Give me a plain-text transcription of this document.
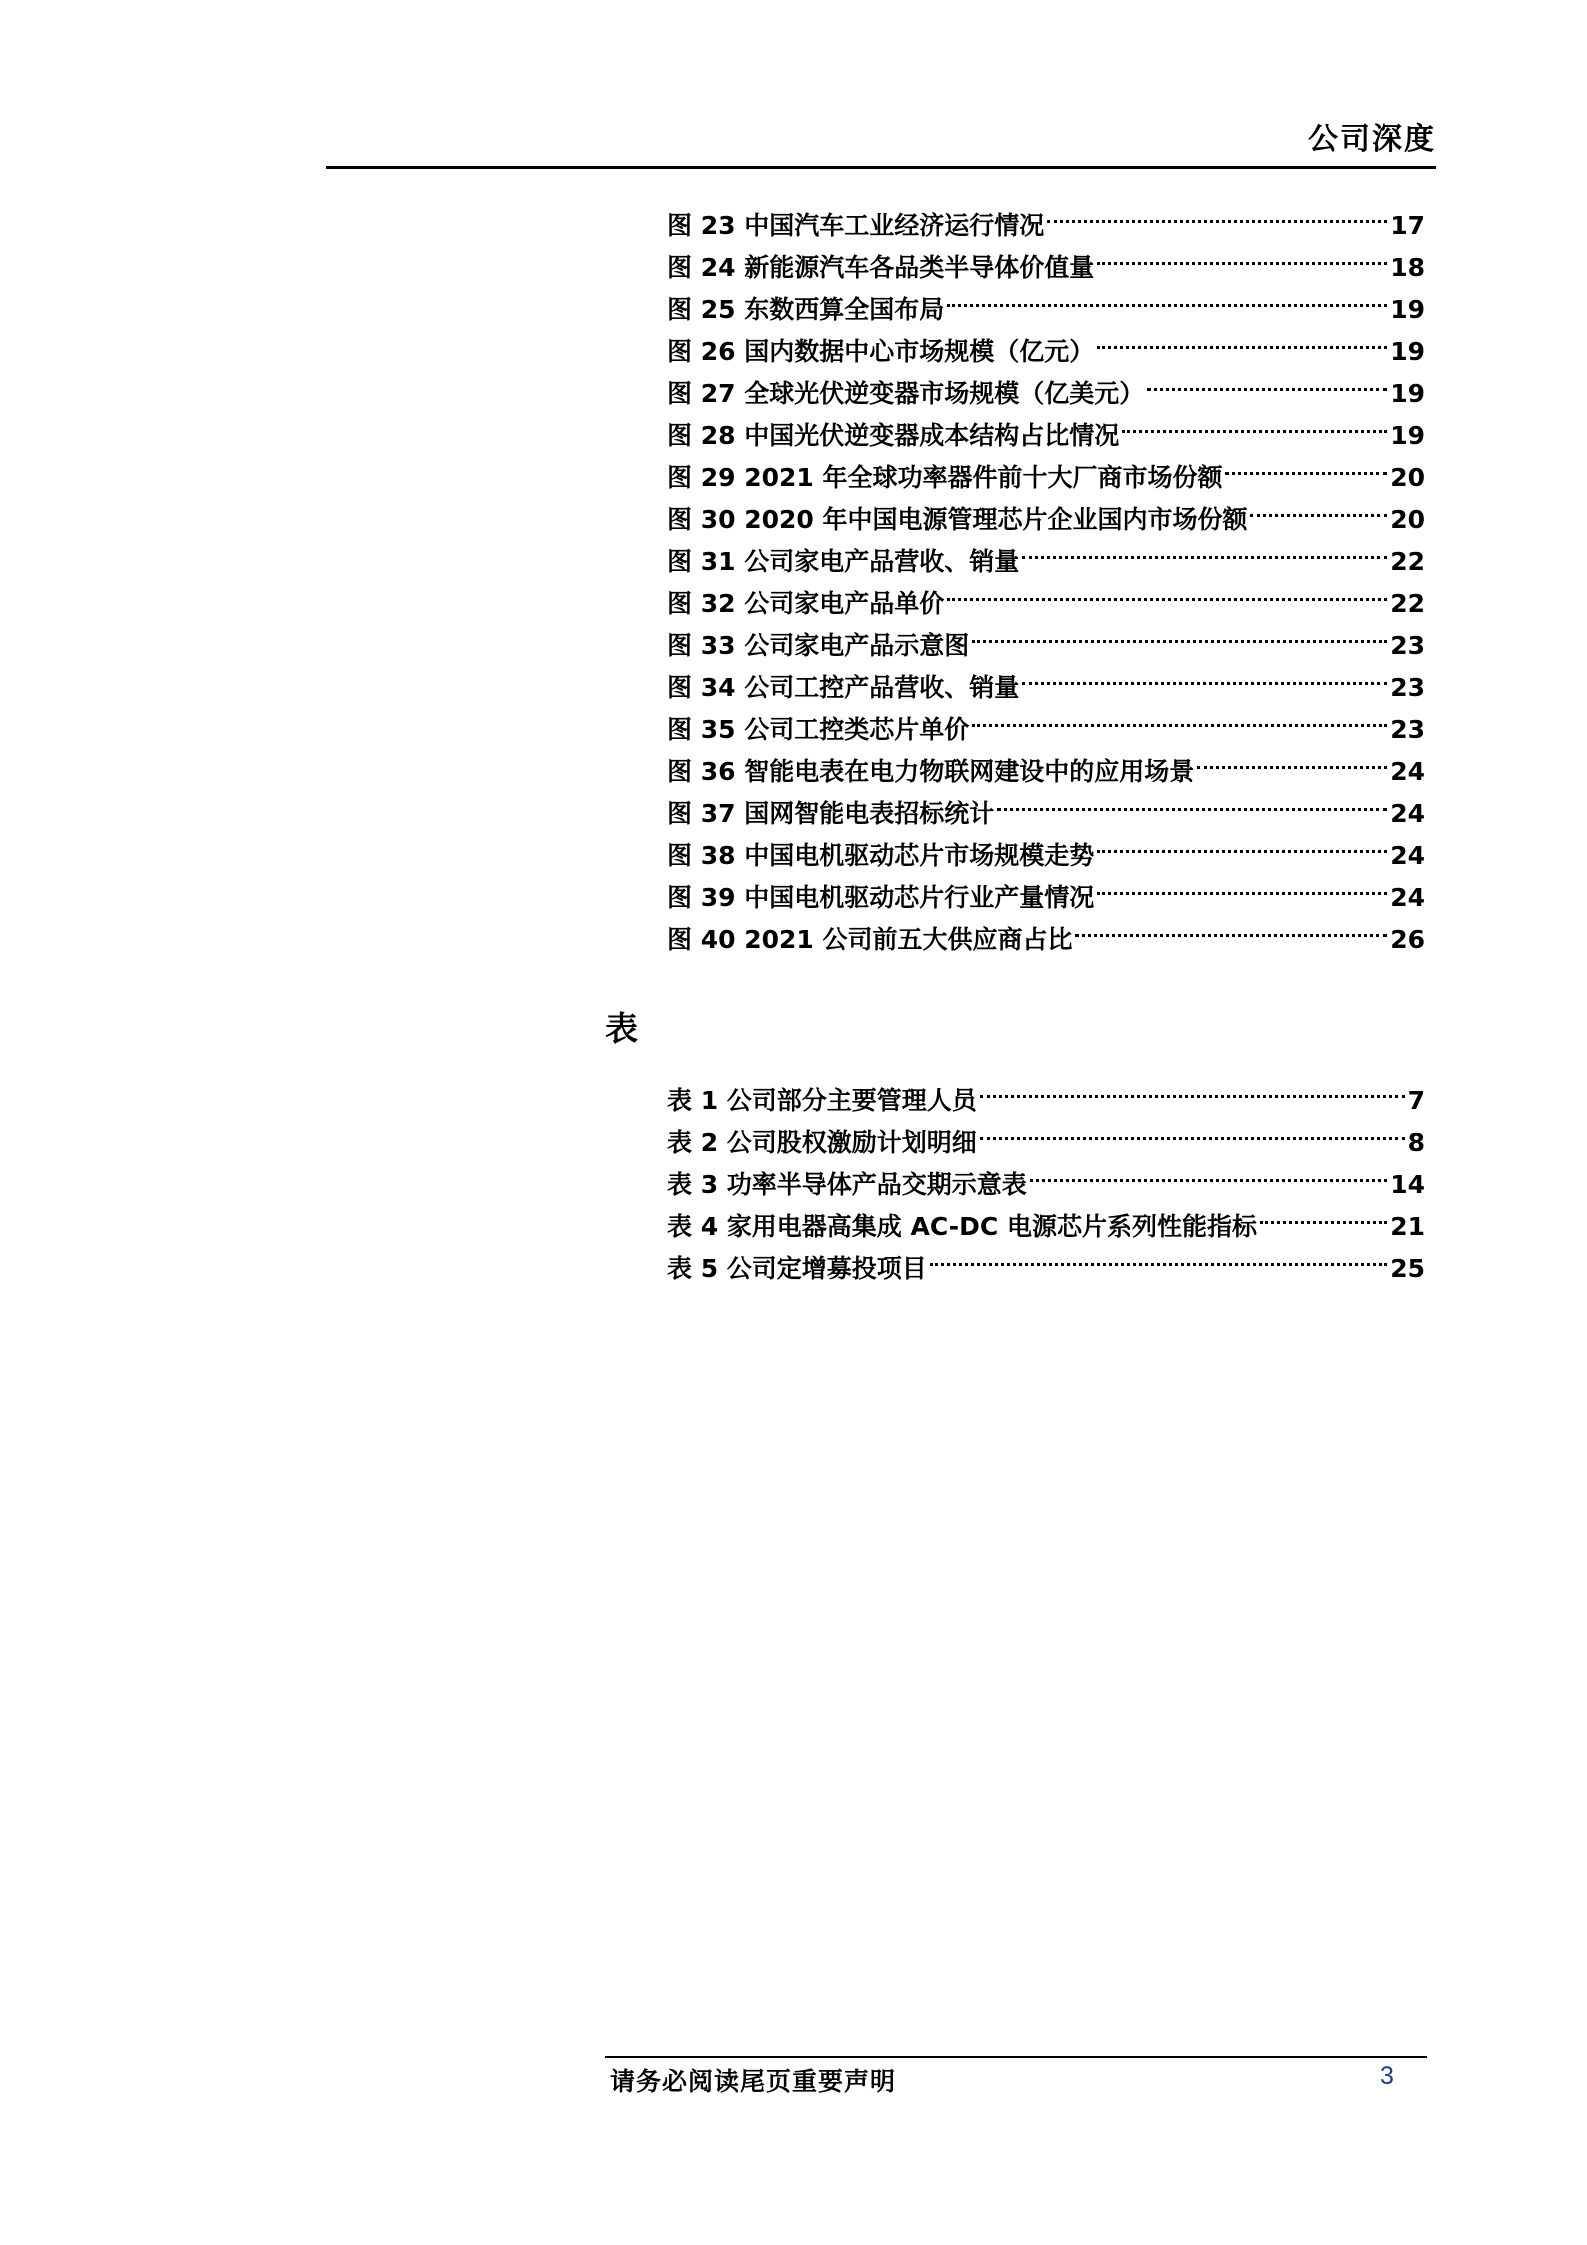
公司深度
图 23 中国汽车工业经济运行情况	17
图 24 新能源汽车各品类半导体价值量	18
图 25 东数西算全国布局	19
图 26 国内数据中心市场规模（亿元）	19
图 27 全球光伏逆变器市场规模（亿美元）	19
图 28 中国光伏逆变器成本结构占比情况	19
图 29 2021 年全球功率器件前十大厂商市场份额	20
图 30 2020 年中国电源管理芯片企业国内市场份额	20
图 31 公司家电产品营收、销量	22
图 32 公司家电产品单价	22
图 33 公司家电产品示意图	23
图 34 公司工控产品营收、销量	23
图 35 公司工控类芯片单价	23
图 36 智能电表在电力物联网建设中的应用场景	24
图 37 国网智能电表招标统计	24
图 38 中国电机驱动芯片市场规模走势	24
图 39 中国电机驱动芯片行业产量情况	24
图 40 2021 公司前五大供应商占比	26
表
表 1 公司部分主要管理人员	7
表 2 公司股权激励计划明细	8
表 3 功率半导体产品交期示意表	14
表 4 家用电器高集成 AC-DC 电源芯片系列性能指标	21
表 5 公司定增募投项目	25
请务必阅读尾页重要声明	3
